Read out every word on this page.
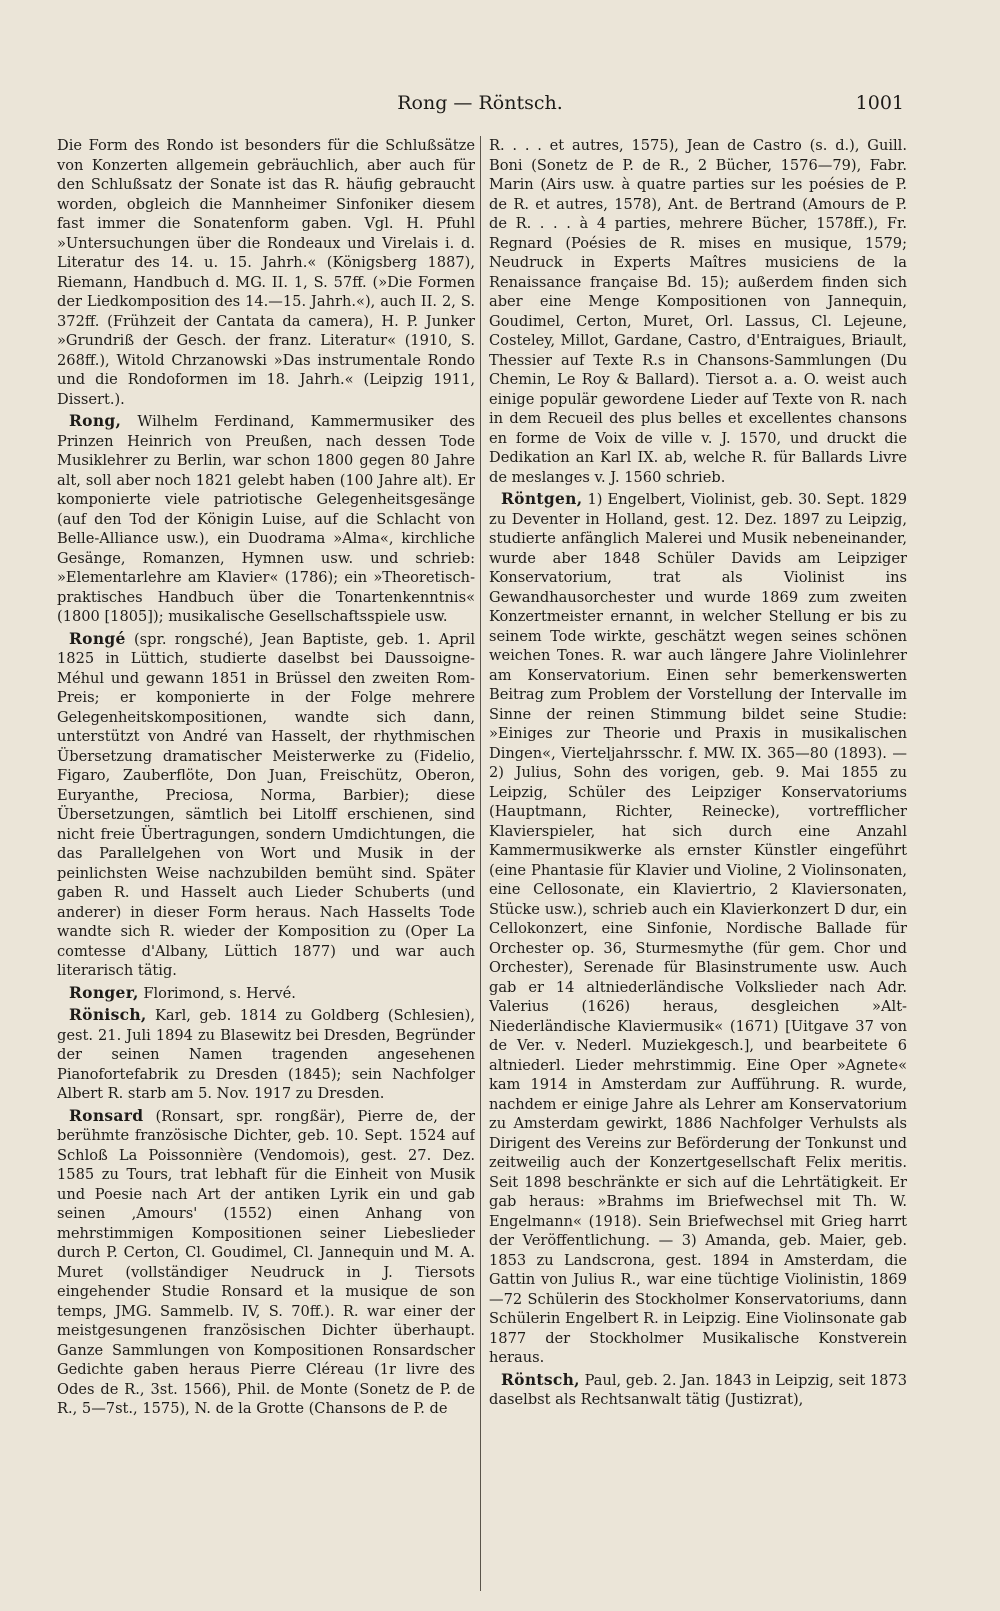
Rong — Röntsch.	1001

Die Form des Rondo ist besonders für die Schlußsätze von Konzerten allgemein gebräuchlich, aber auch für den Schlußsatz der Sonate ist das R. häufig gebraucht worden, obgleich die Mannheimer Sinfoniker diesem fast immer die Sonatenform gaben. Vgl. H. Pfuhl »Untersuchungen über die Rondeaux und Virelais i. d. Literatur des 14. u. 15. Jahrh.« (Königsberg 1887), Riemann, Handbuch d. MG. II. 1, S. 57ff. (»Die Formen der Liedkomposition des 14.—15. Jahrh.«), auch II. 2, S. 372ff. (Frühzeit der Cantata da camera), H. P. Junker »Grundriß der Gesch. der franz. Literatur« (1910, S. 268ff.), Witold Chrzanowski »Das instrumentale Rondo und die Rondoformen im 18. Jahrh.« (Leipzig 1911, Dissert.).

Rong, Wilhelm Ferdinand, Kammermusiker des Prinzen Heinrich von Preußen, nach dessen Tode Musiklehrer zu Berlin, war schon 1800 gegen 80 Jahre alt, soll aber noch 1821 gelebt haben (100 Jahre alt). Er komponierte viele patriotische Gelegenheitsgesänge (auf den Tod der Königin Luise, auf die Schlacht von Belle-Alliance usw.), ein Duodrama »Alma«, kirchliche Gesänge, Romanzen, Hymnen usw. und schrieb: »Elementarlehre am Klavier« (1786); ein »Theoretisch-praktisches Handbuch über die Tonartenkenntnis« (1800 [1805]); musikalische Gesellschaftsspiele usw.

Rongé (spr. rongsché), Jean Baptiste, geb. 1. April 1825 in Lüttich, studierte daselbst bei Daussoigne-Méhul und gewann 1851 in Brüssel den zweiten Rom-Preis; er komponierte in der Folge mehrere Gelegenheitskompositionen, wandte sich dann, unterstützt von André van Hasselt, der rhythmischen Übersetzung dramatischer Meisterwerke zu (Fidelio, Figaro, Zauberflöte, Don Juan, Freischütz, Oberon, Euryanthe, Preciosa, Norma, Barbier); diese Übersetzungen, sämtlich bei Litolff erschienen, sind nicht freie Übertragungen, sondern Umdichtungen, die das Parallelgehen von Wort und Musik in der peinlichsten Weise nachzubilden bemüht sind. Später gaben R. und Hasselt auch Lieder Schuberts (und anderer) in dieser Form heraus. Nach Hasselts Tode wandte sich R. wieder der Komposition zu (Oper La comtesse d'Albany, Lüttich 1877) und war auch literarisch tätig.

Ronger, Florimond, s. Hervé.

Rönisch, Karl, geb. 1814 zu Goldberg (Schlesien), gest. 21. Juli 1894 zu Blasewitz bei Dresden, Begründer der seinen Namen tragenden angesehenen Pianofortefabrik zu Dresden (1845); sein Nachfolger Albert R. starb am 5. Nov. 1917 zu Dresden.

Ronsard (Ronsart, spr. rongßär), Pierre de, der berühmte französische Dichter, geb. 10. Sept. 1524 auf Schloß La Poissonnière (Vendomois), gest. 27. Dez. 1585 zu Tours, trat lebhaft für die Einheit von Musik und Poesie nach Art der antiken Lyrik ein und gab seinen ‚Amours' (1552) einen Anhang von mehrstimmigen Kompositionen seiner Liebeslieder durch P. Certon, Cl. Goudimel, Cl. Jannequin und M. A. Muret (vollständiger Neudruck in J. Tiersots eingehender Studie Ronsard et la musique de son temps, JMG. Sammelb. IV, S. 70ff.). R. war einer der meistgesungenen französischen Dichter überhaupt. Ganze Sammlungen von Kompositionen Ronsardscher Gedichte gaben heraus Pierre Cléreau (1r livre des Odes de R., 3st. 1566), Phil. de Monte (Sonetz de P. de R., 5—7st., 1575), N. de la Grotte (Chansons de P. de

R. . . . et autres, 1575), Jean de Castro (s. d.), Guill. Boni (Sonetz de P. de R., 2 Bücher, 1576—79), Fabr. Marin (Airs usw. à quatre parties sur les poésies de P. de R. et autres, 1578), Ant. de Bertrand (Amours de P. de R. . . . à 4 parties, mehrere Bücher, 1578ff.), Fr. Regnard (Poésies de R. mises en musique, 1579; Neudruck in Experts Maîtres musiciens de la Renaissance française Bd. 15); außerdem finden sich aber eine Menge Kompositionen von Jannequin, Goudimel, Certon, Muret, Orl. Lassus, Cl. Lejeune, Costeley, Millot, Gardane, Castro, d'Entraigues, Briault, Thessier auf Texte R.s in Chansons-Sammlungen (Du Chemin, Le Roy & Ballard). Tiersot a. a. O. weist auch einige populär gewordene Lieder auf Texte von R. nach in dem Recueil des plus belles et excellentes chansons en forme de Voix de ville v. J. 1570, und druckt die Dedikation an Karl IX. ab, welche R. für Ballards Livre de meslanges v. J. 1560 schrieb.

Röntgen, 1) Engelbert, Violinist, geb. 30. Sept. 1829 zu Deventer in Holland, gest. 12. Dez. 1897 zu Leipzig, studierte anfänglich Malerei und Musik nebeneinander, wurde aber 1848 Schüler Davids am Leipziger Konservatorium, trat als Violinist ins Gewandhausorchester und wurde 1869 zum zweiten Konzertmeister ernannt, in welcher Stellung er bis zu seinem Tode wirkte, geschätzt wegen seines schönen weichen Tones. R. war auch längere Jahre Violinlehrer am Konservatorium. Einen sehr bemerkenswerten Beitrag zum Problem der Vorstellung der Intervalle im Sinne der reinen Stimmung bildet seine Studie: »Einiges zur Theorie und Praxis in musikalischen Dingen«, Vierteljahrsschr. f. MW. IX. 365—80 (1893). — 2) Julius, Sohn des vorigen, geb. 9. Mai 1855 zu Leipzig, Schüler des Leipziger Konservatoriums (Hauptmann, Richter, Reinecke), vortrefflicher Klavierspieler, hat sich durch eine Anzahl Kammermusikwerke als ernster Künstler eingeführt (eine Phantasie für Klavier und Violine, 2 Violinsonaten, eine Cellosonate, ein Klaviertrio, 2 Klaviersonaten, Stücke usw.), schrieb auch ein Klavierkonzert D dur, ein Cellokonzert, eine Sinfonie, Nordische Ballade für Orchester op. 36, Sturmesmythe (für gem. Chor und Orchester), Serenade für Blasinstrumente usw. Auch gab er 14 altniederländische Volkslieder nach Adr. Valerius (1626) heraus, desgleichen »Alt-Niederländische Klaviermusik« (1671) [Uitgave 37 von de Ver. v. Nederl. Muziekgesch.], und bearbeitete 6 altniederl. Lieder mehrstimmig. Eine Oper »Agnete« kam 1914 in Amsterdam zur Aufführung. R. wurde, nachdem er einige Jahre als Lehrer am Konservatorium zu Amsterdam gewirkt, 1886 Nachfolger Verhulsts als Dirigent des Vereins zur Beförderung der Tonkunst und zeitweilig auch der Konzertgesellschaft Felix meritis. Seit 1898 beschränkte er sich auf die Lehrtätigkeit. Er gab heraus: »Brahms im Briefwechsel mit Th. W. Engelmann« (1918). Sein Briefwechsel mit Grieg harrt der Veröffentlichung. — 3) Amanda, geb. Maier, geb. 1853 zu Landscrona, gest. 1894 in Amsterdam, die Gattin von Julius R., war eine tüchtige Violinistin, 1869—72 Schülerin des Stockholmer Konservatoriums, dann Schülerin Engelbert R. in Leipzig. Eine Violinsonate gab 1877 der Stockholmer Musikalische Konstverein heraus.

Röntsch, Paul, geb. 2. Jan. 1843 in Leipzig, seit 1873 daselbst als Rechtsanwalt tätig (Justizrat),
